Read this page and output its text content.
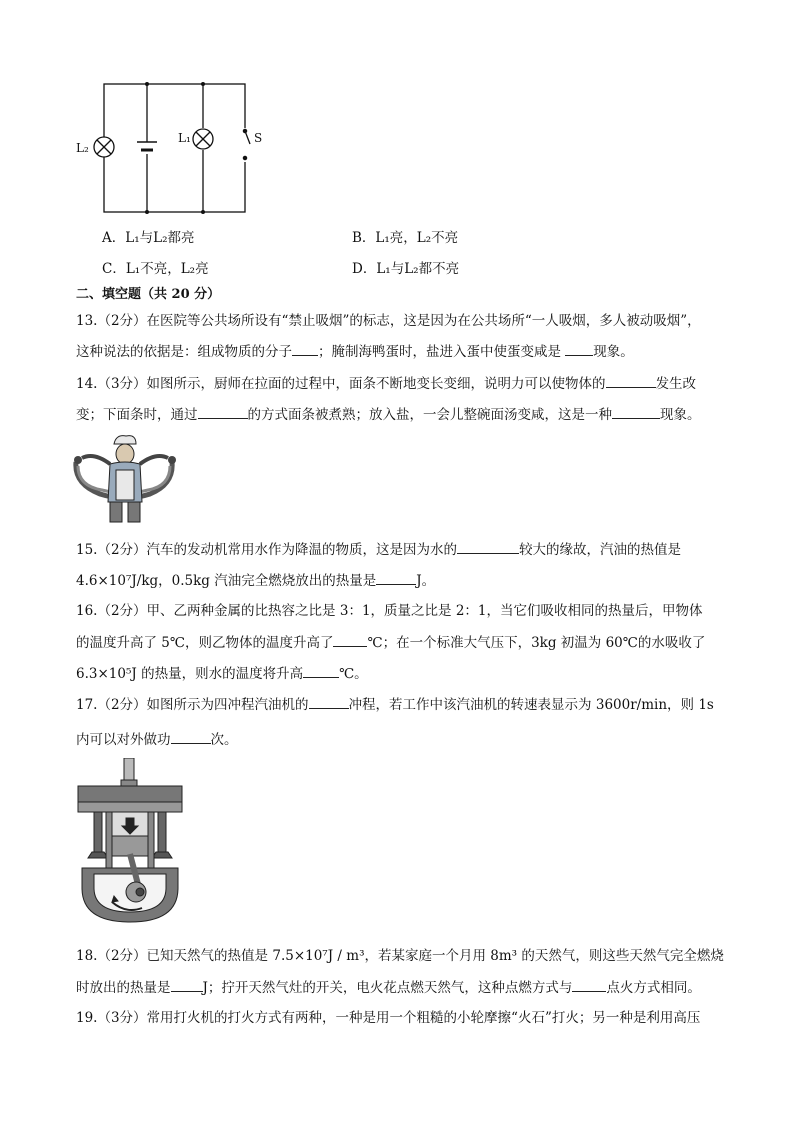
L₂
L₁	S
A．L₁与L₂都亮	B．L₁亮，L₂不亮
C．L₁不亮，L₂亮	D．L₁与L₂都不亮
二、填空题（共 20 分）
13.（2分）在医院等公共场所设有“禁止吸烟”的标志，这是因为在公共场所“一人吸烟，多人被动吸烟”，
这种说法的依据是：组成物质的分子 ；腌制海鸭蛋时，盐进入蛋中使蛋变咸是 现象。
14.（3分）如图所示，厨师在拉面的过程中，面条不断地变长变细，说明力可以使物体的	发生改
变；下面条时，通过	的方式面条被煮熟；放入盐，一会儿整碗面汤变咸，这是一种	现象。
15.（2分）汽车的发动机常用水作为降温的物质，这是因为水的	较大的缘故，汽油的热值是
4.6×10⁷J/kg，0.5kg 汽油完全燃烧放出的热量是	J。
16.（2分）甲、乙两种金属的比热容之比是 3：1，质量之比是 2：1，当它们吸收相同的热量后，甲物体
的温度升高了 5℃，则乙物体的温度升高了	℃；在一个标准大气压下，3kg 初温为 60℃的水吸收了
6.3×10⁵J 的热量，则水的温度将升高	℃。
17.（2分）如图所示为四冲程汽油机的	冲程，若工作中该汽油机的转速表显示为 3600r/min，则 1s
内可以对外做功	次。
18.（2分）已知天然气的热值是 7.5×10⁷J / m³，若某家庭一个月用 8m³ 的天然气，则这些天然气完全燃烧
时放出的热量是 J；拧开天然气灶的开关，电火花点燃天然气，这种点燃方式与	点火方式相同。
19.（3分）常用打火机的打火方式有两种，一种是用一个粗糙的小轮摩擦“火石”打火；另一种是利用高压
